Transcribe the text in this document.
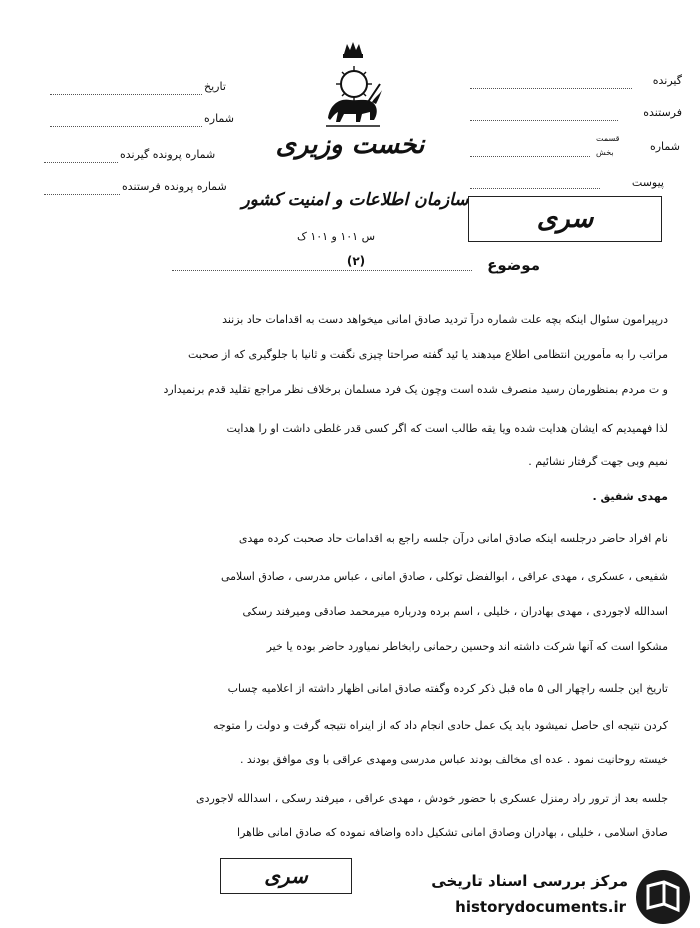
نخست وزیری
سازمان اطلاعات و امنیت کشور
س ۱۰۱ و ۱۰۱ ک
(۲)	موضوع
گیرنده
فرستنده
شماره
قسمت
بخش
پیوست
سری
تاریخ
شماره
شماره پرونده گیرنده
شماره پرونده فرستنده
درپیرامون سئوال اینکه بچه علت شماره دراً تردید صادق امانی میخواهد دست به اقدامات حاد بزنند
مراتب را به مأمورین انتظامی اطلاع میدهند یا ئید گفته صراحتا چیزی نگفت و ثانیا با جلوگیری که از صحبت
و ت مردم بمنظورمان رسید منصرف شده است وچون یک فرد مسلمان برخلاف نظر مراجع تقلید قدم برنمیدارد
لذا فهمیدیم که ایشان هدایت شده ویا یقه طالب است که اگر کسی قدر غلطی داشت او را هدایت
نمیم وبی جهت گرفتار نشائیم .
مهدی شفیق .
نام افراد حاضر درجلسه اینکه صادق امانی درآن جلسه راجع به اقدامات حاد صحبت کرده مهدی
شفیعی ، عسکری ، مهدی عراقی ، ابوالفضل توکلی ، صادق امانی ، عباس مدرسی ، صادق اسلامی
اسدالله لاجوردی ، مهدی بهادران ، خلیلی ، اسم برده ودرباره میرمحمد صادقی ومیرفند رسکی
مشکوا است که آنها شرکت داشته اند وحسین رحمانی رابخاطر نمیاورد حاضر بوده یا خیر
تاریخ این جلسه راچهار الی ۵ ماه قبل ذکر کرده وگفته صادق امانی اظهار داشته از اعلامیه چساب
کردن نتیجه ای حاصل نمیشود باید یک عمل حادی انجام داد که از اینراه نتیجه گرفت و دولت را متوجه
خیسته روحانیت نمود . عده ای مخالف بودند عباس مدرسی ومهدی عراقی با وی موافق بودند .
جلسه بعد از ترور راد رمنزل عسکری با حضور خودش ، مهدی عراقی ، میرفند رسکی ، اسدالله لاجوردی
صادق اسلامی ، خلیلی ، بهادران وصادق امانی تشکیل داده واضافه نموده که صادق امانی ظاهرا
سری	مرکز بررسی اسناد تاریخی
historydocuments.ir
